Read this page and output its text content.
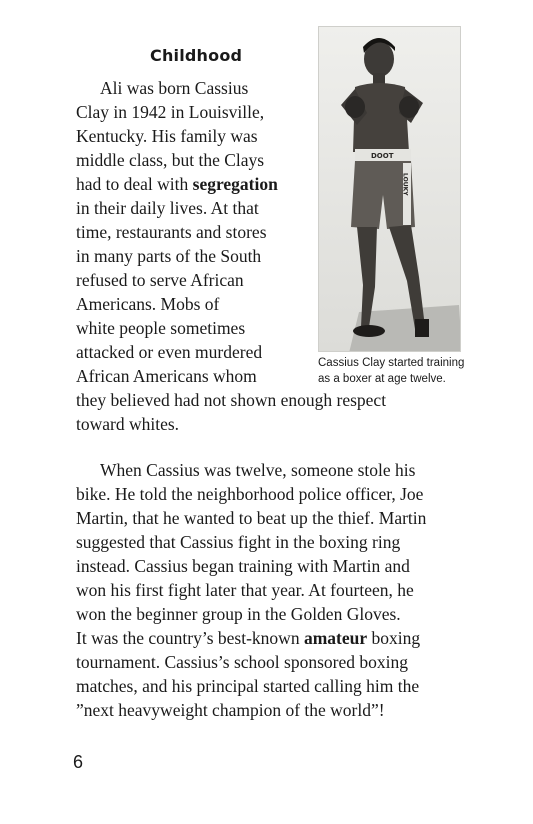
Childhood
Ali was born Cassius
Clay in 1942 in Louisville,
Kentucky. His family was
middle class, but the Clays
had to deal with segregation
in their daily lives. At that
time, restaurants and stores
in many parts of the South
refused to serve African
Americans. Mobs of
white people sometimes
attacked or even murdered
African Americans whom
they believed had not shown enough respect
toward whites.
DOOT
LOUKY
Cassius Clay started training
as a boxer at age twelve.
When Cassius was twelve, someone stole his
bike. He told the neighborhood police officer, Joe
Martin, that he wanted to beat up the thief. Martin
suggested that Cassius fight in the boxing ring
instead. Cassius began training with Martin and
won his first fight later that year. At fourteen, he
won the beginner group in the Golden Gloves.
It was the country’s best-known amateur boxing
tournament. Cassius’s school sponsored boxing
matches, and his principal started calling him the
”next heavyweight champion of the world”!
6
